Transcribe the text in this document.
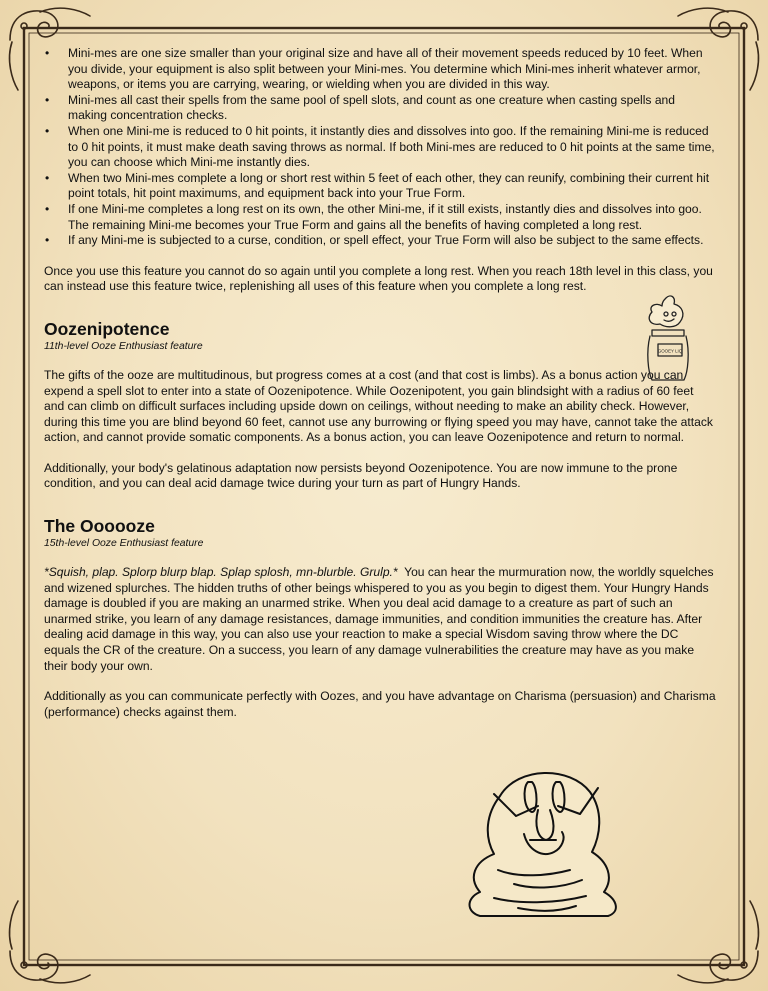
• Mini-mes are one size smaller than your original size and have all of their movement speeds reduced by 10 feet. When you divide, your equipment is also split between your Mini-mes. You determine which Mini-mes inherit whatever armor, weapons, or items you are carrying, wearing, or wielding when you are divided in this way.
• Mini-mes all cast their spells from the same pool of spell slots, and count as one creature when casting spells and making concentration checks.
• When one Mini-me is reduced to 0 hit points, it instantly dies and dissolves into goo. If the remaining Mini-me is reduced to 0 hit points, it must make death saving throws as normal. If both Mini-mes are reduced to 0 hit points at the same time, you can choose which Mini-me instantly dies.
• When two Mini-mes complete a long or short rest within 5 feet of each other, they can reunify, combining their current hit point totals, hit point maximums, and equipment back into your True Form.
• If one Mini-me completes a long rest on its own, the other Mini-me, if it still exists, instantly dies and dissolves into goo. The remaining Mini-me becomes your True Form and gains all the benefits of having completed a long rest.
• If any Mini-me is subjected to a curse, condition, or spell effect, your True Form will also be subject to the same effects.

Once you use this feature you cannot do so again until you complete a long rest. When you reach 18th level in this class, you can instead use this feature twice, replenishing all uses of this feature when you complete a long rest.

Oozenipotence
11th-level Ooze Enthusiast feature

The gifts of the ooze are multitudinous, but progress comes at a cost (and that cost is limbs). As a bonus action you can expend a spell slot to enter into a state of Oozenipotence. While Oozenipotent, you gain blindsight with a radius of 60 feet and can climb on difficult surfaces including upside down on ceilings, without needing to make an ability check. However, during this time you are blind beyond 60 feet, cannot use any burrowing or flying speed you may have, cannot take the attack action, and cannot provide somatic components. As a bonus action, you can leave Oozenipotence and return to normal.

Additionally, your body's gelatinous adaptation now persists beyond Oozenipotence. You are now immune to the prone condition, and you can deal acid damage twice during your turn as part of Hungry Hands.

The Oooooze
15th-level Ooze Enthusiast feature

*Squish, plap. Splorp blurp blap. Splap splosh, mn-blurble. Grulp.*  You can hear the murmuration now, the worldly squelches and wizened splurches. The hidden truths of other beings whispered to you as you begin to digest them. Your Hungry Hands damage is doubled if you are making an unarmed strike. When you deal acid damage to a creature as part of such an unarmed strike, you learn of any damage resistances, damage immunities, and condition immunities the creature has. After dealing acid damage in this way, you can also use your reaction to make a special Wisdom saving throw where the DC equals the CR of the creature. On a success, you learn of any damage vulnerabilities the creature may have as you make their body your own.

Additionally as you can communicate perfectly with Oozes, and you have advantage on Charisma (persuasion) and Charisma (performance) checks against them.

GOOEY LIQ
